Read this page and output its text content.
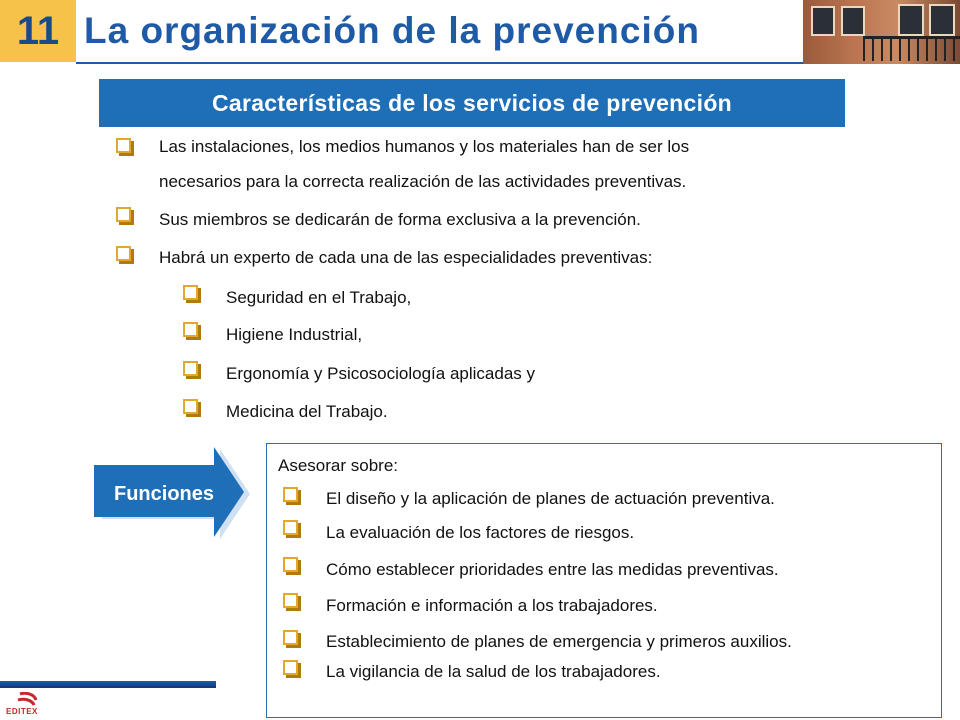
11 La organización de la prevención
Características de los servicios de prevención
Las instalaciones, los medios humanos y los materiales han de ser los
necesarios para la correcta realización de las actividades preventivas.
Sus miembros se dedicarán de forma exclusiva a la prevención.
Habrá un experto de cada una de las especialidades preventivas:
Seguridad en el Trabajo,
Higiene Industrial,
Ergonomía y Psicosociología aplicadas y
Medicina del Trabajo.
Funciones
Asesorar sobre:
El diseño y la aplicación de planes de actuación preventiva.
La evaluación de los factores de riesgos.
Cómo establecer prioridades entre las medidas preventivas.
Formación e información a los trabajadores.
Establecimiento de planes de emergencia y primeros auxilios.
La vigilancia de la salud de los trabajadores.
EDITEX
